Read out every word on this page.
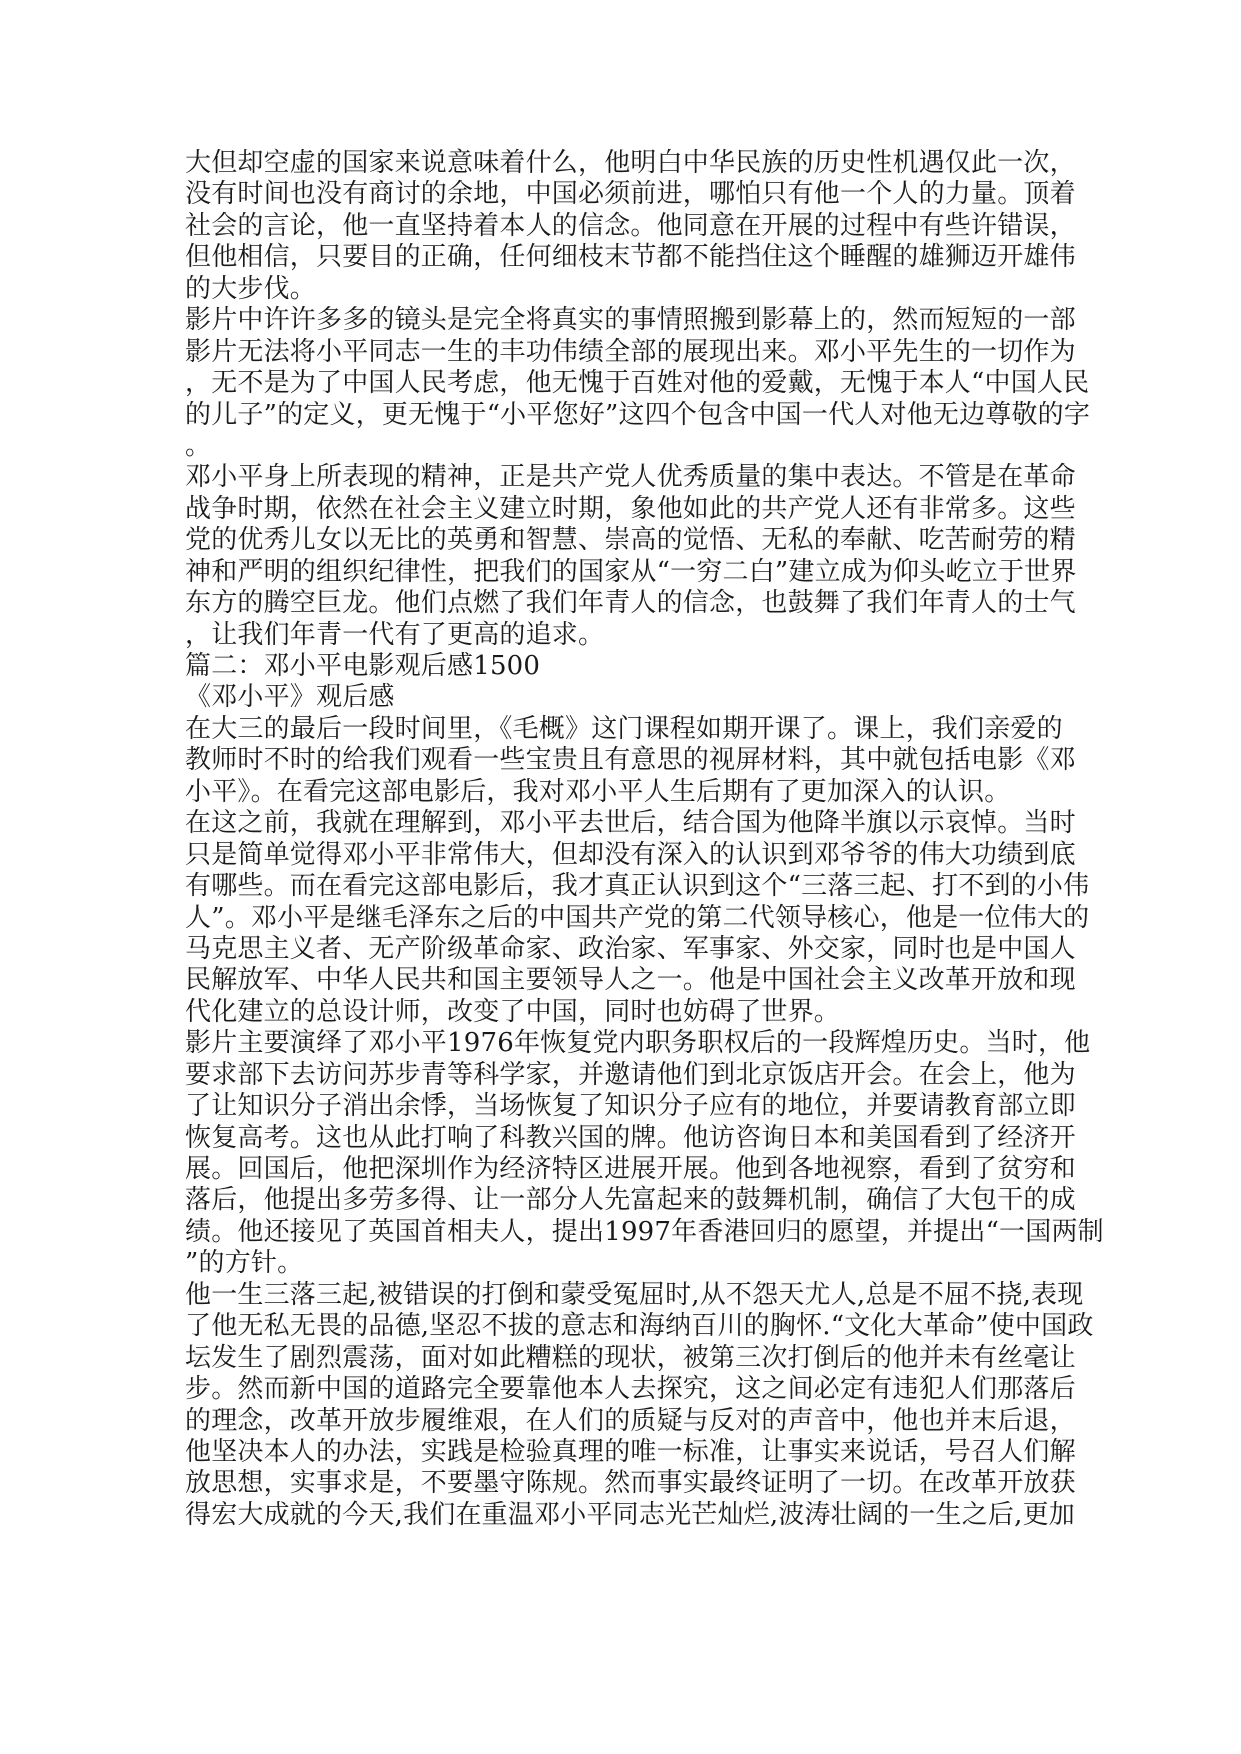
大但却空虚的国家来说意味着什么，他明白中华民族的历史性机遇仅此一次，
没有时间也没有商讨的余地，中国必须前进，哪怕只有他一个人的力量。顶着
社会的言论，他一直坚持着本人的信念。他同意在开展的过程中有些许错误，
但他相信，只要目的正确，任何细枝末节都不能挡住这个睡醒的雄狮迈开雄伟
的大步伐。
影片中许许多多的镜头是完全将真实的事情照搬到影幕上的，然而短短的一部
影片无法将小平同志一生的丰功伟绩全部的展现出来。邓小平先生的一切作为
，无不是为了中国人民考虑，他无愧于百姓对他的爱戴，无愧于本人“中国人民
的儿子”的定义，更无愧于“小平您好”这四个包含中国一代人对他无边尊敬的字
。
邓小平身上所表现的精神，正是共产党人优秀质量的集中表达。不管是在革命
战争时期，依然在社会主义建立时期，象他如此的共产党人还有非常多。这些
党的优秀儿女以无比的英勇和智慧、崇高的觉悟、无私的奉献、吃苦耐劳的精
神和严明的组织纪律性，把我们的国家从“一穷二白”建立成为仰头屹立于世界
东方的腾空巨龙。他们点燃了我们年青人的信念，也鼓舞了我们年青人的士气
，让我们年青一代有了更高的追求。
篇二：邓小平电影观后感1500
《邓小平》观后感
在大三的最后一段时间里，《毛概》这门课程如期开课了。课上，我们亲爱的
教师时不时的给我们观看一些宝贵且有意思的视屏材料，其中就包括电影《邓
小平》。在看完这部电影后，我对邓小平人生后期有了更加深入的认识。
在这之前，我就在理解到，邓小平去世后，结合国为他降半旗以示哀悼。当时
只是简单觉得邓小平非常伟大，但却没有深入的认识到邓爷爷的伟大功绩到底
有哪些。而在看完这部电影后，我才真正认识到这个“三落三起、打不到的小伟
人”。邓小平是继毛泽东之后的中国共产党的第二代领导核心，他是一位伟大的
马克思主义者、无产阶级革命家、政治家、军事家、外交家，同时也是中国人
民解放军、中华人民共和国主要领导人之一。他是中国社会主义改革开放和现
代化建立的总设计师，改变了中国，同时也妨碍了世界。
影片主要演绎了邓小平1976年恢复党内职务职权后的一段辉煌历史。当时，他
要求部下去访问苏步青等科学家，并邀请他们到北京饭店开会。在会上，他为
了让知识分子消出余悸，当场恢复了知识分子应有的地位，并要请教育部立即
恢复高考。这也从此打响了科教兴国的牌。他访咨询日本和美国看到了经济开
展。回国后，他把深圳作为经济特区进展开展。他到各地视察，看到了贫穷和
落后，他提出多劳多得、让一部分人先富起来的鼓舞机制，确信了大包干的成
绩。他还接见了英国首相夫人，提出1997年香港回归的愿望，并提出“一国两制
”的方针。
他一生三落三起,被错误的打倒和蒙受冤屈时,从不怨天尤人,总是不屈不挠,表现
了他无私无畏的品德,坚忍不拔的意志和海纳百川的胸怀.“文化大革命”使中国政
坛发生了剧烈震荡，面对如此糟糕的现状，被第三次打倒后的他并未有丝毫让
步。然而新中国的道路完全要靠他本人去探究，这之间必定有违犯人们那落后
的理念，改革开放步履维艰，在人们的质疑与反对的声音中，他也并末后退，
他坚决本人的办法，实践是检验真理的唯一标准，让事实来说话，号召人们解
放思想，实事求是，不要墨守陈规。然而事实最终证明了一切。在改革开放获
得宏大成就的今天,我们在重温邓小平同志光芒灿烂,波涛壮阔的一生之后,更加
